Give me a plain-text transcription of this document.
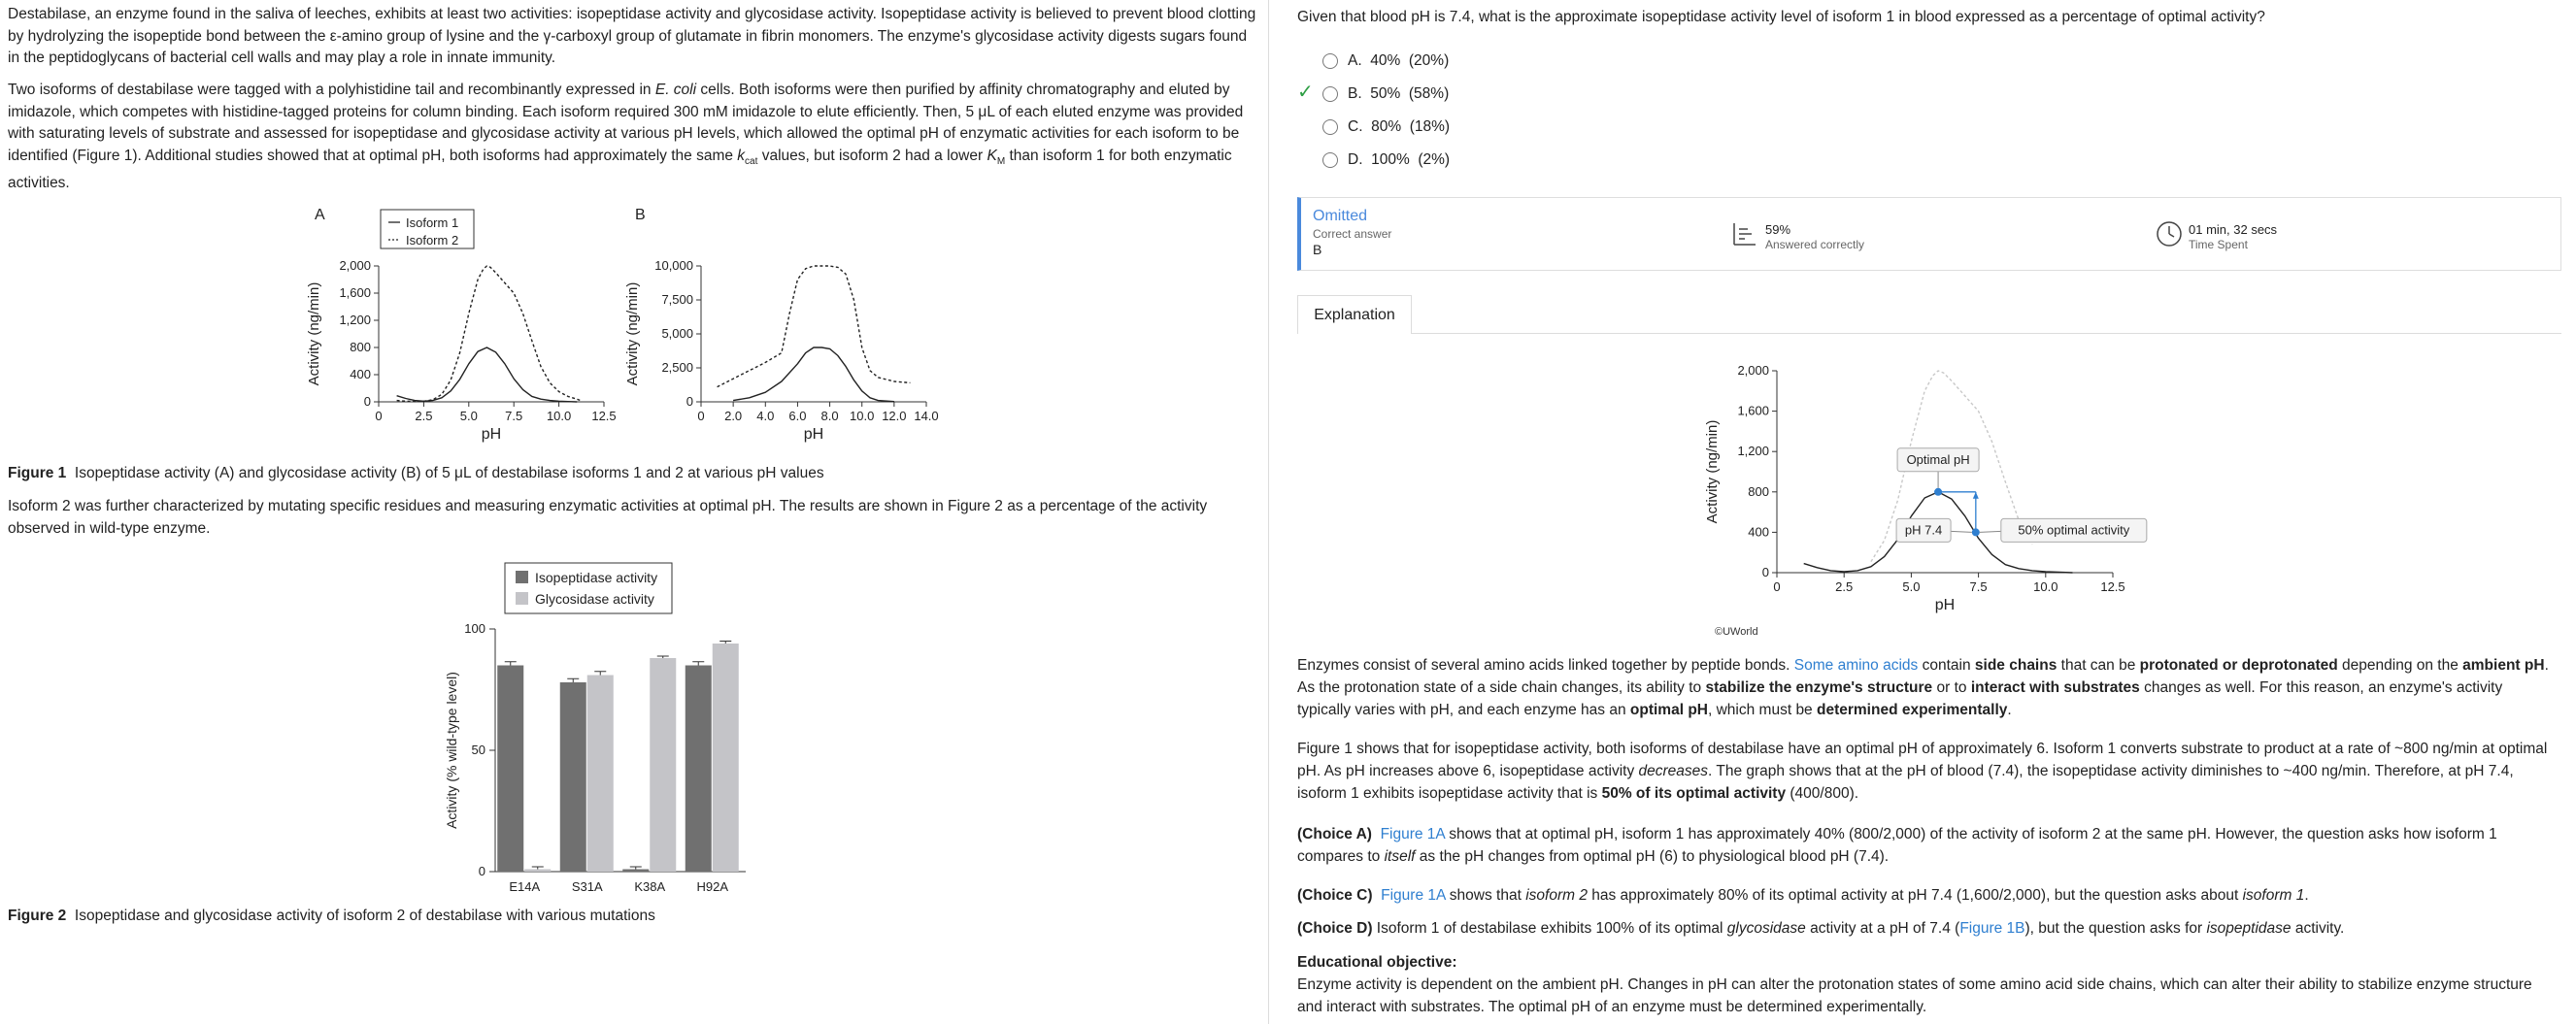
Destabilase, an enzyme found in the saliva of leeches, exhibits at least two activities: isopeptidase activity and glycosidase activity. Isopeptidase activity is believed to prevent blood clotting by hydrolyzing the isopeptide bond between the ε-amino group of lysine and the γ-carboxyl group of glutamate in fibrin monomers. The enzyme's glycosidase activity digests sugars found in the peptidoglycans of bacterial cell walls and may play a role in innate immunity.

Two isoforms of destabilase were tagged with a polyhistidine tail and recombinantly expressed in E. coli cells. Both isoforms were then purified by affinity chromatography and eluted by imidazole, which competes with histidine-tagged proteins for column binding. Each isoform required 300 mM imidazole to elute efficiently. Then, 5 μL of each eluted enzyme was provided with saturating levels of substrate and assessed for isopeptidase and glycosidase activity at various pH levels, which allowed the optimal pH of enzymatic activities for each isoform to be identified (Figure 1). Additional studies showed that at optimal pH, both isoforms had approximately the same $k_{cat}$ values, but isoform 2 had a lower $K_M$ than isoform 1 for both enzymatic activities.

A	Isoform 1
Isoform 2
0
400
800
1,200
1,600
2,000
0	2.5 5.0 7.5 10.0 12.5
pH
Activity (ng/min)
B
0
2,500
5,000
7,500
10,000
0 2.0 4.0 6.0 8.0 10.0 12.0 14.0
pH
Activity (ng/min)

Figure 1 Isopeptidase activity (A) and glycosidase activity (B) of 5 μL of destabilase isoforms 1 and 2 at various pH values

Isoform 2 was further characterized by mutating specific residues and measuring enzymatic activities at optimal pH. The results are shown in Figure 2 as a percentage of the activity observed in wild-type enzyme.

Isopeptidase activity
Glycosidase activity
0
50
100
Activity (% wild-type level)
E14A	S31A	K38A H92A

Figure 2 Isopeptidase and glycosidase activity of isoform 2 of destabilase with various mutations

Given that blood pH is 7.4, what is the approximate isopeptidase activity level of isoform 1 in blood expressed as a percentage of optimal activity?

A.  40%  (20%)
✓ B.  50%  (58%)
C.  80%  (18%)
D.  100%  (2%)
Omitted
Correct answer
B
59%
Answered correctly
01 min, 32 secs
Time Spent
Explanation
0
400
800
1,200
1,600
2,000
0	2.5	5.0	7.5	10.0	12.5
pH
Activity (ng/min)	Optimal pH
pH 7.4	50% optimal activity
©UWorld

Enzymes consist of several amino acids linked together by peptide bonds. Some amino acids contain side chains that can be protonated or deprotonated depending on the ambient pH. As the protonation state of a side chain changes, its ability to stabilize the enzyme's structure or to interact with substrates changes as well. For this reason, an enzyme's activity typically varies with pH, and each enzyme has an optimal pH, which must be determined experimentally.

Figure 1 shows that for isopeptidase activity, both isoforms of destabilase have an optimal pH of approximately 6. Isoform 1 converts substrate to product at a rate of ~800 ng/min at optimal pH. As pH increases above 6, isopeptidase activity decreases. The graph shows that at the pH of blood (7.4), the isopeptidase activity diminishes to ~400 ng/min. Therefore, at pH 7.4, isoform 1 exhibits isopeptidase activity that is 50% of its optimal activity (400/800).

(Choice A) Figure 1A shows that at optimal pH, isoform 1 has approximately 40% (800/2,000) of the activity of isoform 2 at the same pH. However, the question asks how isoform 1 compares to itself as the pH changes from optimal pH (6) to physiological blood pH (7.4).

(Choice C) Figure 1A shows that isoform 2 has approximately 80% of its optimal activity at pH 7.4 (1,600/2,000), but the question asks about isoform 1.

(Choice D) Isoform 1 of destabilase exhibits 100% of its optimal glycosidase activity at a pH of 7.4 (Figure 1B), but the question asks for isopeptidase activity.

Educational objective:

Enzyme activity is dependent on the ambient pH. Changes in pH can alter the protonation states of some amino acid side chains, which can alter their ability to stabilize enzyme structure and interact with substrates. The optimal pH of an enzyme must be determined experimentally.
